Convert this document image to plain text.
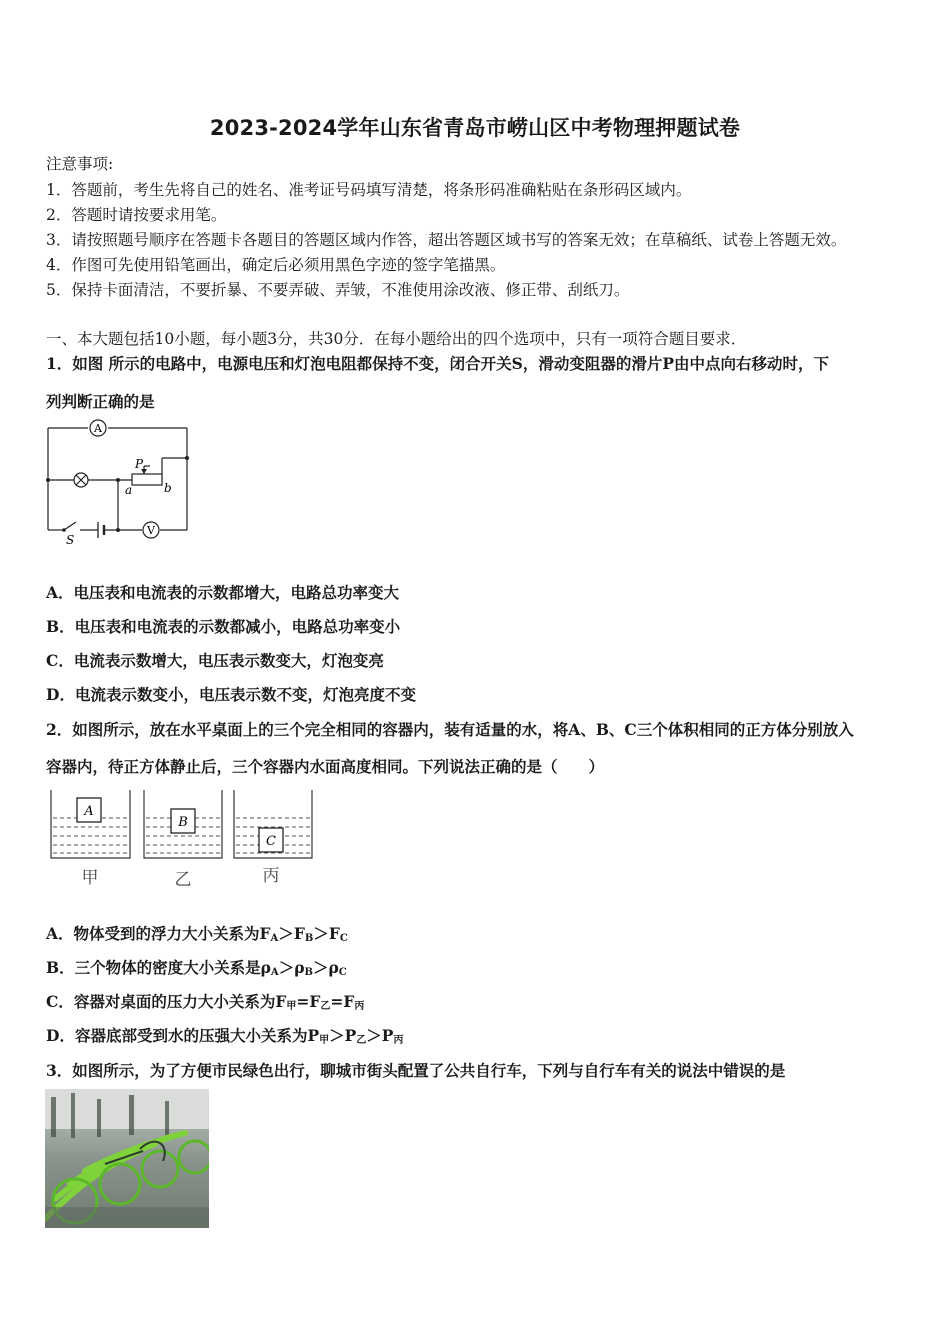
2023-2024学年山东省青岛市崂山区中考物理押题试卷
注意事项:
1．答题前，考生先将自己的姓名、准考证号码填写清楚，将条形码准确粘贴在条形码区域内。
2．答题时请按要求用笔。
3．请按照题号顺序在答题卡各题目的答题区域内作答，超出答题区域书写的答案无效；在草稿纸、试卷上答题无效。
4．作图可先使用铅笔画出，确定后必须用黑色字迹的签字笔描黑。
5．保持卡面清洁，不要折暴、不要弄破、弄皱，不准使用涂改液、修正带、刮纸刀。
一、本大题包括10小题，每小题3分，共30分．在每小题给出的四个选项中，只有一项符合题目要求．
1．如图 所示的电路中，电源电压和灯泡电阻都保持不变，闭合开关S，滑动变阻器的滑片P由中点向右移动时，下
列判断正确的是
A
P
a	b
S
V
A．电压表和电流表的示数都增大，电路总功率变大
B．电压表和电流表的示数都减小，电路总功率变小
C．电流表示数增大，电压表示数变大，灯泡变亮
D．电流表示数变小，电压表示数不变，灯泡亮度不变
2．如图所示，放在水平桌面上的三个完全相同的容器内，装有适量的水，将A、B、C三个体积相同的正方体分别放入
容器内，待正方体静止后，三个容器内水面高度相同。下列说法正确的是（　　）
A
B
C
甲	乙	丙
A．物体受到的浮力大小关系为$F_A>F_B>F_C$
B．三个物体的密度大小关系是$\rho_A>\rho_B>\rho_C$
C．容器对桌面的压力大小关系为$F_甲=F_乙=F_丙$
D．容器底部受到水的压强大小关系为$P_甲>P_乙>P_丙$
3．如图所示，为了方便市民绿色出行，聊城市街头配置了公共自行车，下列与自行车有关的说法中错误的是
